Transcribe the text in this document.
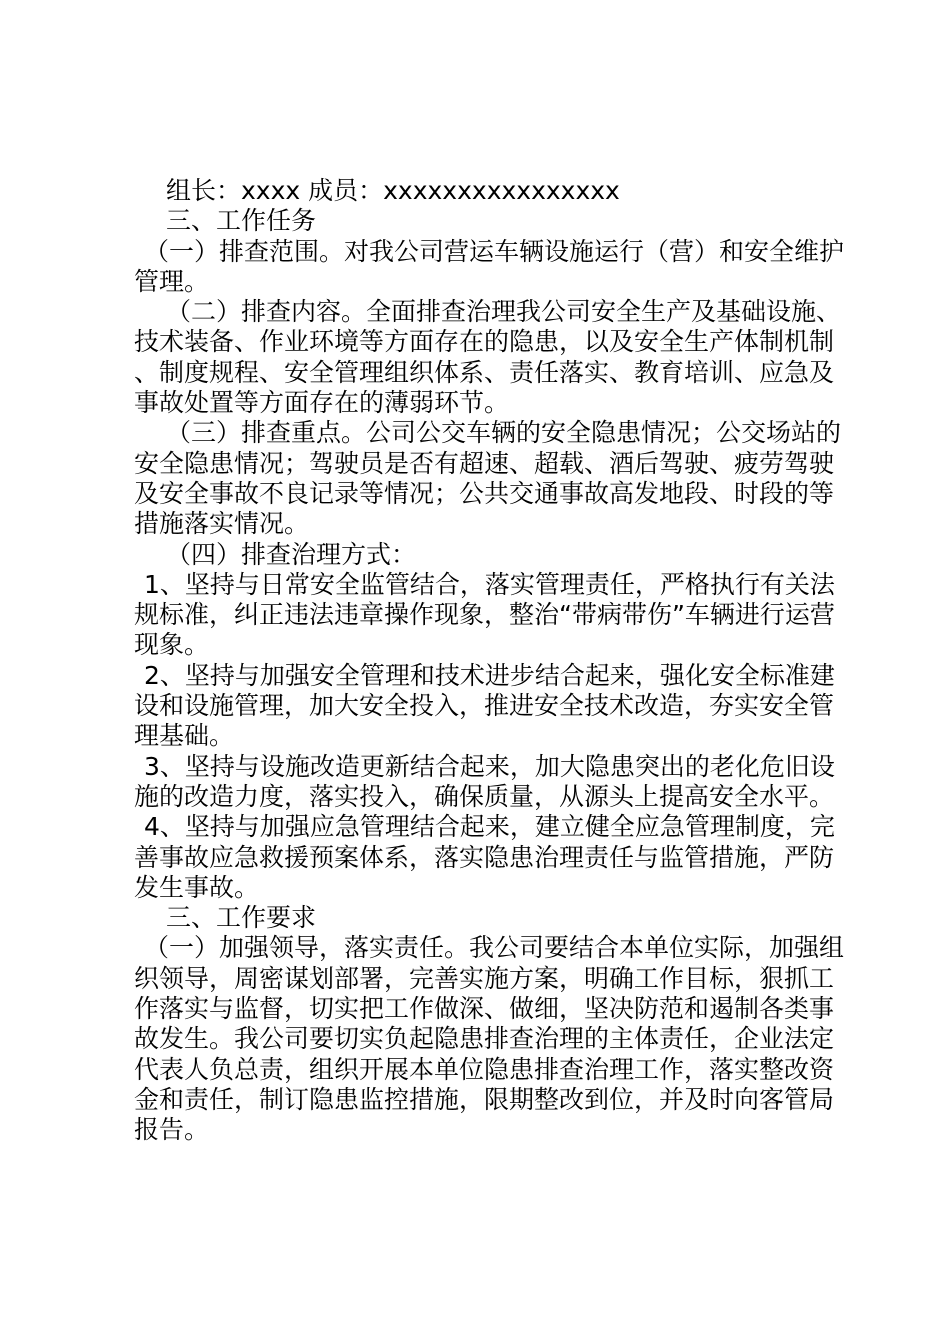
组长：xxxx 成员：xxxxxxxxxxxxxxxx

三、工作任务

（一）排查范围。对我公司营运车辆设施运行（营）和安全维护管理。

（二）排查内容。全面排查治理我公司安全生产及基础设施、技术装备、作业环境等方面存在的隐患，以及安全生产体制机制、制度规程、安全管理组织体系、责任落实、教育培训、应急及事故处置等方面存在的薄弱环节。

（三）排查重点。公司公交车辆的安全隐患情况；公交场站的安全隐患情况；驾驶员是否有超速、超载、酒后驾驶、疲劳驾驶及安全事故不良记录等情况；公共交通事故高发地段、时段的等措施落实情况。

（四）排查治理方式：

1、坚持与日常安全监管结合，落实管理责任，严格执行有关法规标准，纠正违法违章操作现象，整治“带病带伤”车辆进行运营现象。

2、坚持与加强安全管理和技术进步结合起来，强化安全标准建设和设施管理，加大安全投入，推进安全技术改造，夯实安全管理基础。

3、坚持与设施改造更新结合起来，加大隐患突出的老化危旧设施的改造力度，落实投入，确保质量，从源头上提高安全水平。

4、坚持与加强应急管理结合起来，建立健全应急管理制度，完善事故应急救援预案体系，落实隐患治理责任与监管措施，严防发生事故。

三、工作要求

（一）加强领导，落实责任。我公司要结合本单位实际，加强组织领导，周密谋划部署，完善实施方案，明确工作目标，狠抓工作落实与监督，切实把工作做深、做细，坚决防范和遏制各类事故发生。我公司要切实负起隐患排查治理的主体责任，企业法定代表人负总责，组织开展本单位隐患排查治理工作，落实整改资金和责任，制订隐患监控措施，限期整改到位，并及时向客管局报告。
